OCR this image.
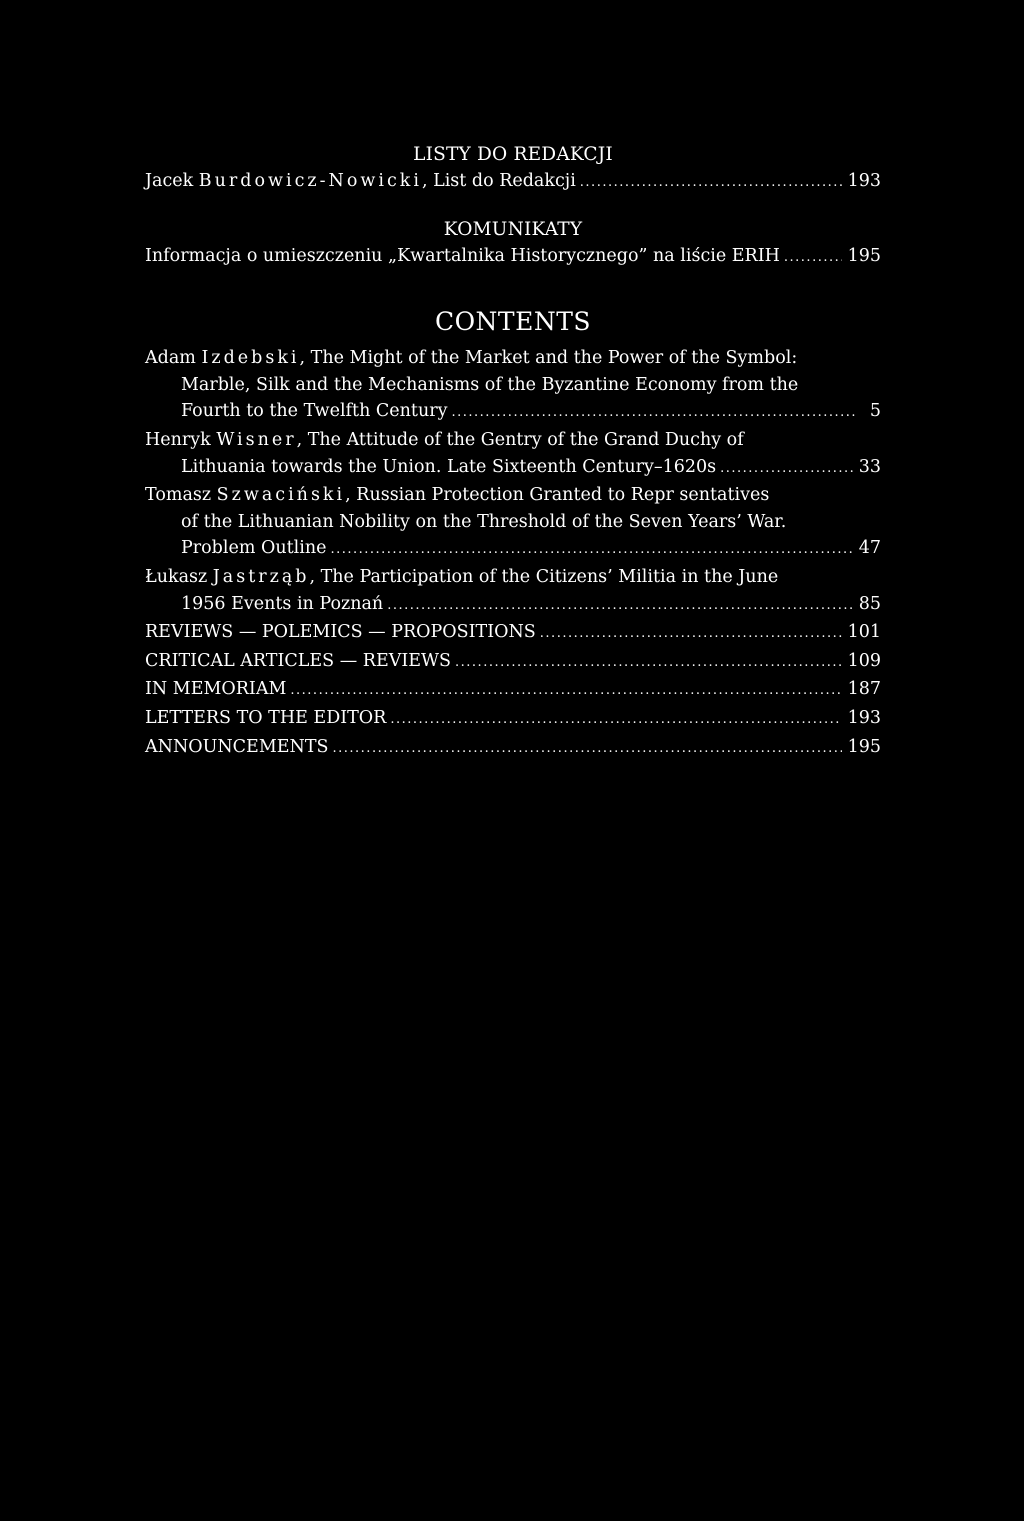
LISTY DO REDAKCJI
Jacek Burdowicz-Nowicki, List do Redakcji .....	193
KOMUNIKATY
Informacja o umieszczeniu „Kwartalnika Historycznego” na liście ERIH .....	195
CONTENTS
Adam Izdebski, The Might of the Market and the Power of the Symbol:
Marble, Silk and the Mechanisms of the Byzantine Economy from the
Fourth to the Twelfth Century .....	5
Henryk Wisner, The Attitude of the Gentry of the Grand Duchy of
Lithuania towards the Union. Late Sixteenth Century–1620s .....	33
Tomasz Szwaciński, Russian Protection Granted to Repr sentatives
of the Lithuanian Nobility on the Threshold of the Seven Years’ War.
Problem Outline .....	47
Łukasz Jastrząb, The Participation of the Citizens’ Militia in the June
1956 Events in Poznań .....	85
REVIEWS — POLEMICS — PROPOSITIONS .....	101
CRITICAL ARTICLES — REVIEWS .....	109
IN MEMORIAM .....	187
LETTERS TO THE EDITOR .....	193
ANNOUNCEMENTS .....	195
